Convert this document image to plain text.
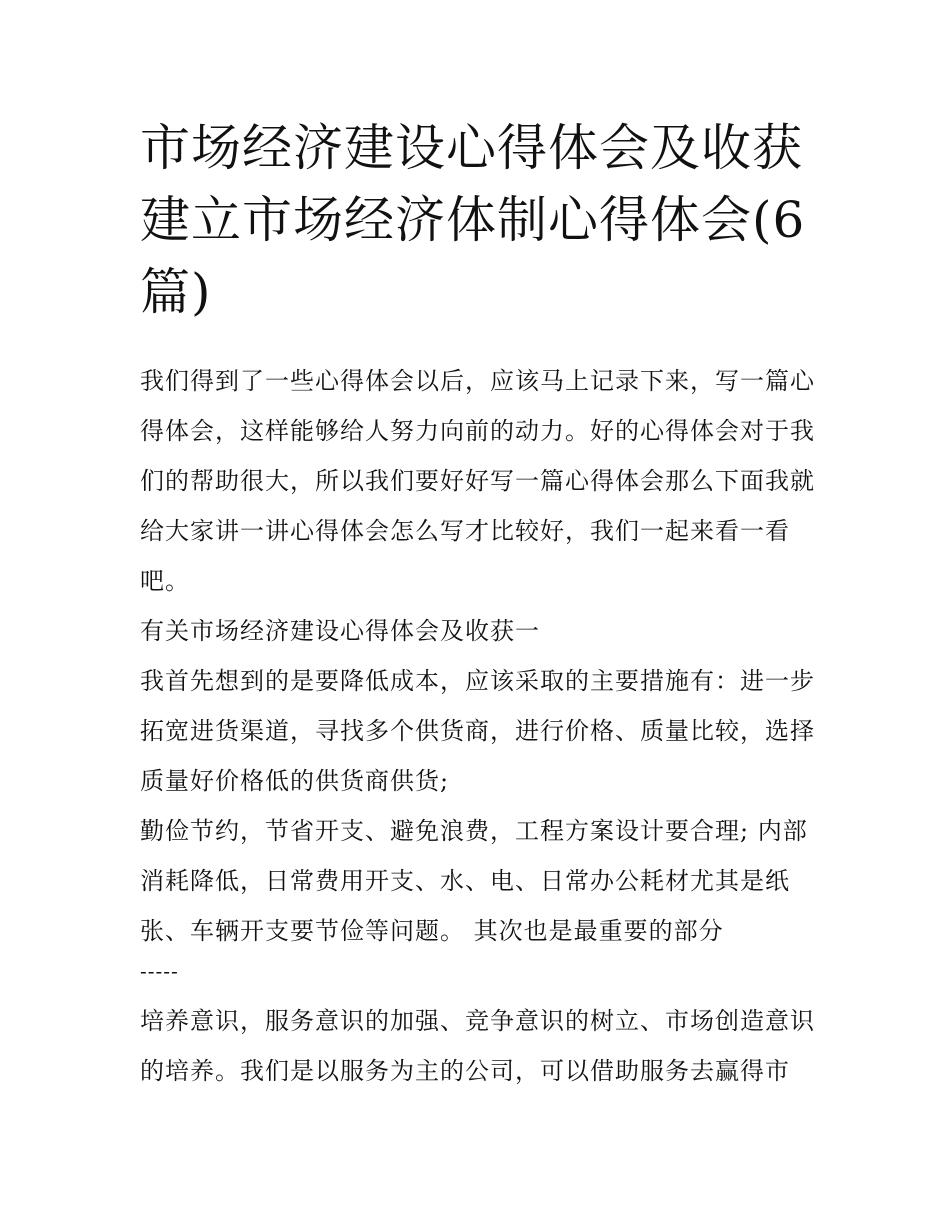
市场经济建设心得体会及收获建立市场经济体制心得体会(6篇)

我们得到了一些心得体会以后，应该马上记录下来，写一篇心得体会，这样能够给人努力向前的动力。好的心得体会对于我们的帮助很大，所以我们要好好写一篇心得体会那么下面我就给大家讲一讲心得体会怎么写才比较好，我们一起来看一看吧。

有关市场经济建设心得体会及收获一

我首先想到的是要降低成本，应该采取的主要措施有：进一步拓宽进货渠道，寻找多个供货商，进行价格、质量比较，选择质量好价格低的供货商供货;

勤俭节约，节省开支、避免浪费，工程方案设计要合理; 内部消耗降低，日常费用开支、水、电、日常办公耗材尤其是纸张、车辆开支要节俭等问题。 其次也是最重要的部分

-----

培养意识，服务意识的加强、竞争意识的树立、市场创造意识的培养。我们是以服务为主的公司，可以借助服务去赢得市
